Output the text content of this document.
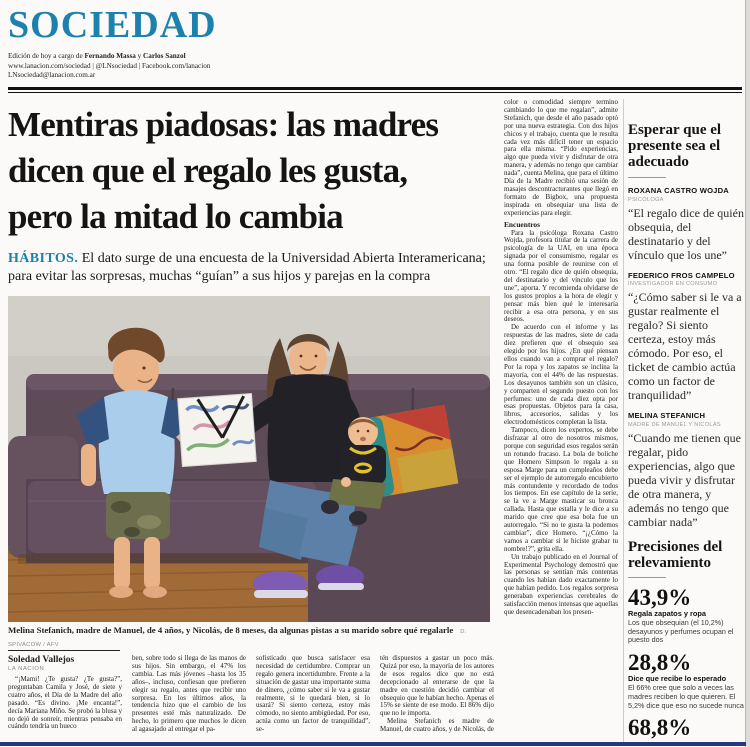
SOCIEDAD
Edición de hoy a cargo de Fernando Massa y Carlos Sanzol
www.lanacion.com/sociedad | @LNsociedad | Facebook.com/lanacion
LNsociedad@lanacion.com.ar
Mentiras piadosas: las madres
dicen que el regalo les gusta,
pero la mitad lo cambia
HÁBITOS. El dato surge de una encuesta de la Universidad Abierta Interamericana; para evitar las sorpresas, muchas “guían” a sus hijos y parejas en la compra
Melina Stefanich, madre de Manuel, de 4 años, y Nicolás, de 8 meses, da algunas pistas a su marido sobre qué regalarle D. SPIVACOW / AFV
Soledad Vallejos
LA NACION

“¡Mami! ¿Te gusta? ¿Te gusta?”, preguntaban Camila y José, de siete y cuatro años, el Día de la Madre del año pasado. “Es divino. ¡Me encanta!”, decía Mariana Miño. Se probó la blusa y no dejó de sonreír, mientras pensaba en cuándo tendría un hueco

ben, sobre todo si llega de las manos de sus hijos. Sin embargo, el 47% los cambia. Las más jóvenes –hasta los 35 años–, incluso, confiesan que prefieren elegir su regalo, antes que recibir uno sorpresa. En los últimos años, la tendencia hizo que el cambio de los presentes esté más naturalizado. De hecho, lo primero que muchos le dicen al agasajado al entregar el pa-

sofisticado que busca satisfacer esa necesidad de certidumbre. Comprar un regalo genera incertidumbre. Frente a la situación de gastar una importante suma de dinero, ¿cómo saber si le va a gustar realmente, si le quedará bien, si lo usará? Si siento certeza, estoy más cómodo, no siento ambigüedad. Por eso, actúa como un factor de tranquilidad”, se-

tén dispuestos a gastar un poco más. Quizá por eso, la mayoría de los autores de esos regalos dice que no está decepcionado al enterarse de que la madre en cuestión decidió cambiar el obsequio que le habían hecho. Apenas el 15% se siente de ese modo. El 86% dijo que no le importa.

Melina Stefanich es madre de Manuel, de cuatro años, y de Nicolás, de

color o comodidad siempre termino cambiando lo que me regalan”, admite Stefanich, que desde el año pasado optó por una nueva estrategia. Con dos hijos chicos y el trabajo, cuenta que le resulta cada vez más difícil tener un espacio para ella misma. “Pido experiencias, algo que pueda vivir y disfrutar de otra manera, y además no tengo que cambiar nada”, cuenta Melina, que para el último Día de la Madre recibió una sesión de masajes descontracturantes que llegó en formato de Bigbox, una propuesta inspirada en obsequiar una lista de experiencias para elegir.

Encuentros

Para la psicóloga Roxana Castro Wojda, profesora titular de la carrera de psicología de la UAI, en una época signada por el consumismo, regalar es una forma posible de reunirse con el otro. “El regalo dice de quién obsequia, del destinatario y del vínculo que los une”, aporta. Y recomienda olvidarse de los gustos propios a la hora de elegir y pensar más bien qué le interesaría recibir a esa otra persona, y en sus deseos.

De acuerdo con el informe y las respuestas de las madres, siete de cada diez prefieren que el obsequio sea elegido por los hijos. ¿En qué piensan ellos cuando van a comprar el regalo? Por la ropa y los zapatos se inclina la mayoría, con el 44% de las respuestas. Los desayunos también son un clásico, y comparten el segundo puesto con los perfumes: uno de cada diez opta por esas propuestas. Objetos para la casa, libros, accesorios, salidas y los electrodomésticos completan la lista.

Tampoco, dicen los expertos, se debe disfrazar al otro de nosotros mismos, porque con seguridad esos regalos serán un rotundo fracaso. La bola de boliche que Homero Simpson le regala a su esposa Marge para un cumpleaños debe ser el ejemplo de autorregalo encubierto más contundente y recordado de todos los tiempos. En ese capítulo de la serie, se la ve a Marge masticar su bronca callada. Hasta que estalla y le dice a su marido que cree que esa bola fue un autorregalo. “Si no te gusta la podemos cambiar”, dice Homero. “¡¿Cómo la vamos a cambiar si le hiciste grabar tu nombre!?”, grita ella.

Un trabajo publicado en el Journal of Experimental Psychology demostró que las personas se sentían más contentas cuando les habían dado exactamente lo que habían pedido. Los regalos sorpresa generaban experiencias cerebrales de satisfacción menos intensas que aquellas que desencadenaban los presen-

Esperar que el presente sea el adecuado
ROXANA CASTRO WOJDA
PSICÓLOGA
“El regalo dice de quién obsequia, del destinatario y del vínculo que los une”
FEDERICO FROS CAMPELO
INVESTIGADOR EN CONSUMO
“¿Cómo saber si le va a gustar realmente el regalo? Si siento certeza, estoy más cómodo. Por eso, el ticket de cambio actúa como un factor de tranquilidad”
MELINA STEFANICH
MADRE DE MANUEL Y NICOLÁS
“Cuando me tienen que regalar, pido experiencias, algo que pueda vivir y disfrutar de otra manera, y además no tengo que cambiar nada”
Precisiones del relevamiento
43,9%
Regala zapatos y ropa
Los que obsequian (el 10,2%) desayunos y perfumes ocupan el puesto dos
28,8%
Dice que recibe lo esperado
El 66% cree que solo a veces las madres reciben lo que quieren. El 5,2% dice que eso no sucede nunca
68,8%
